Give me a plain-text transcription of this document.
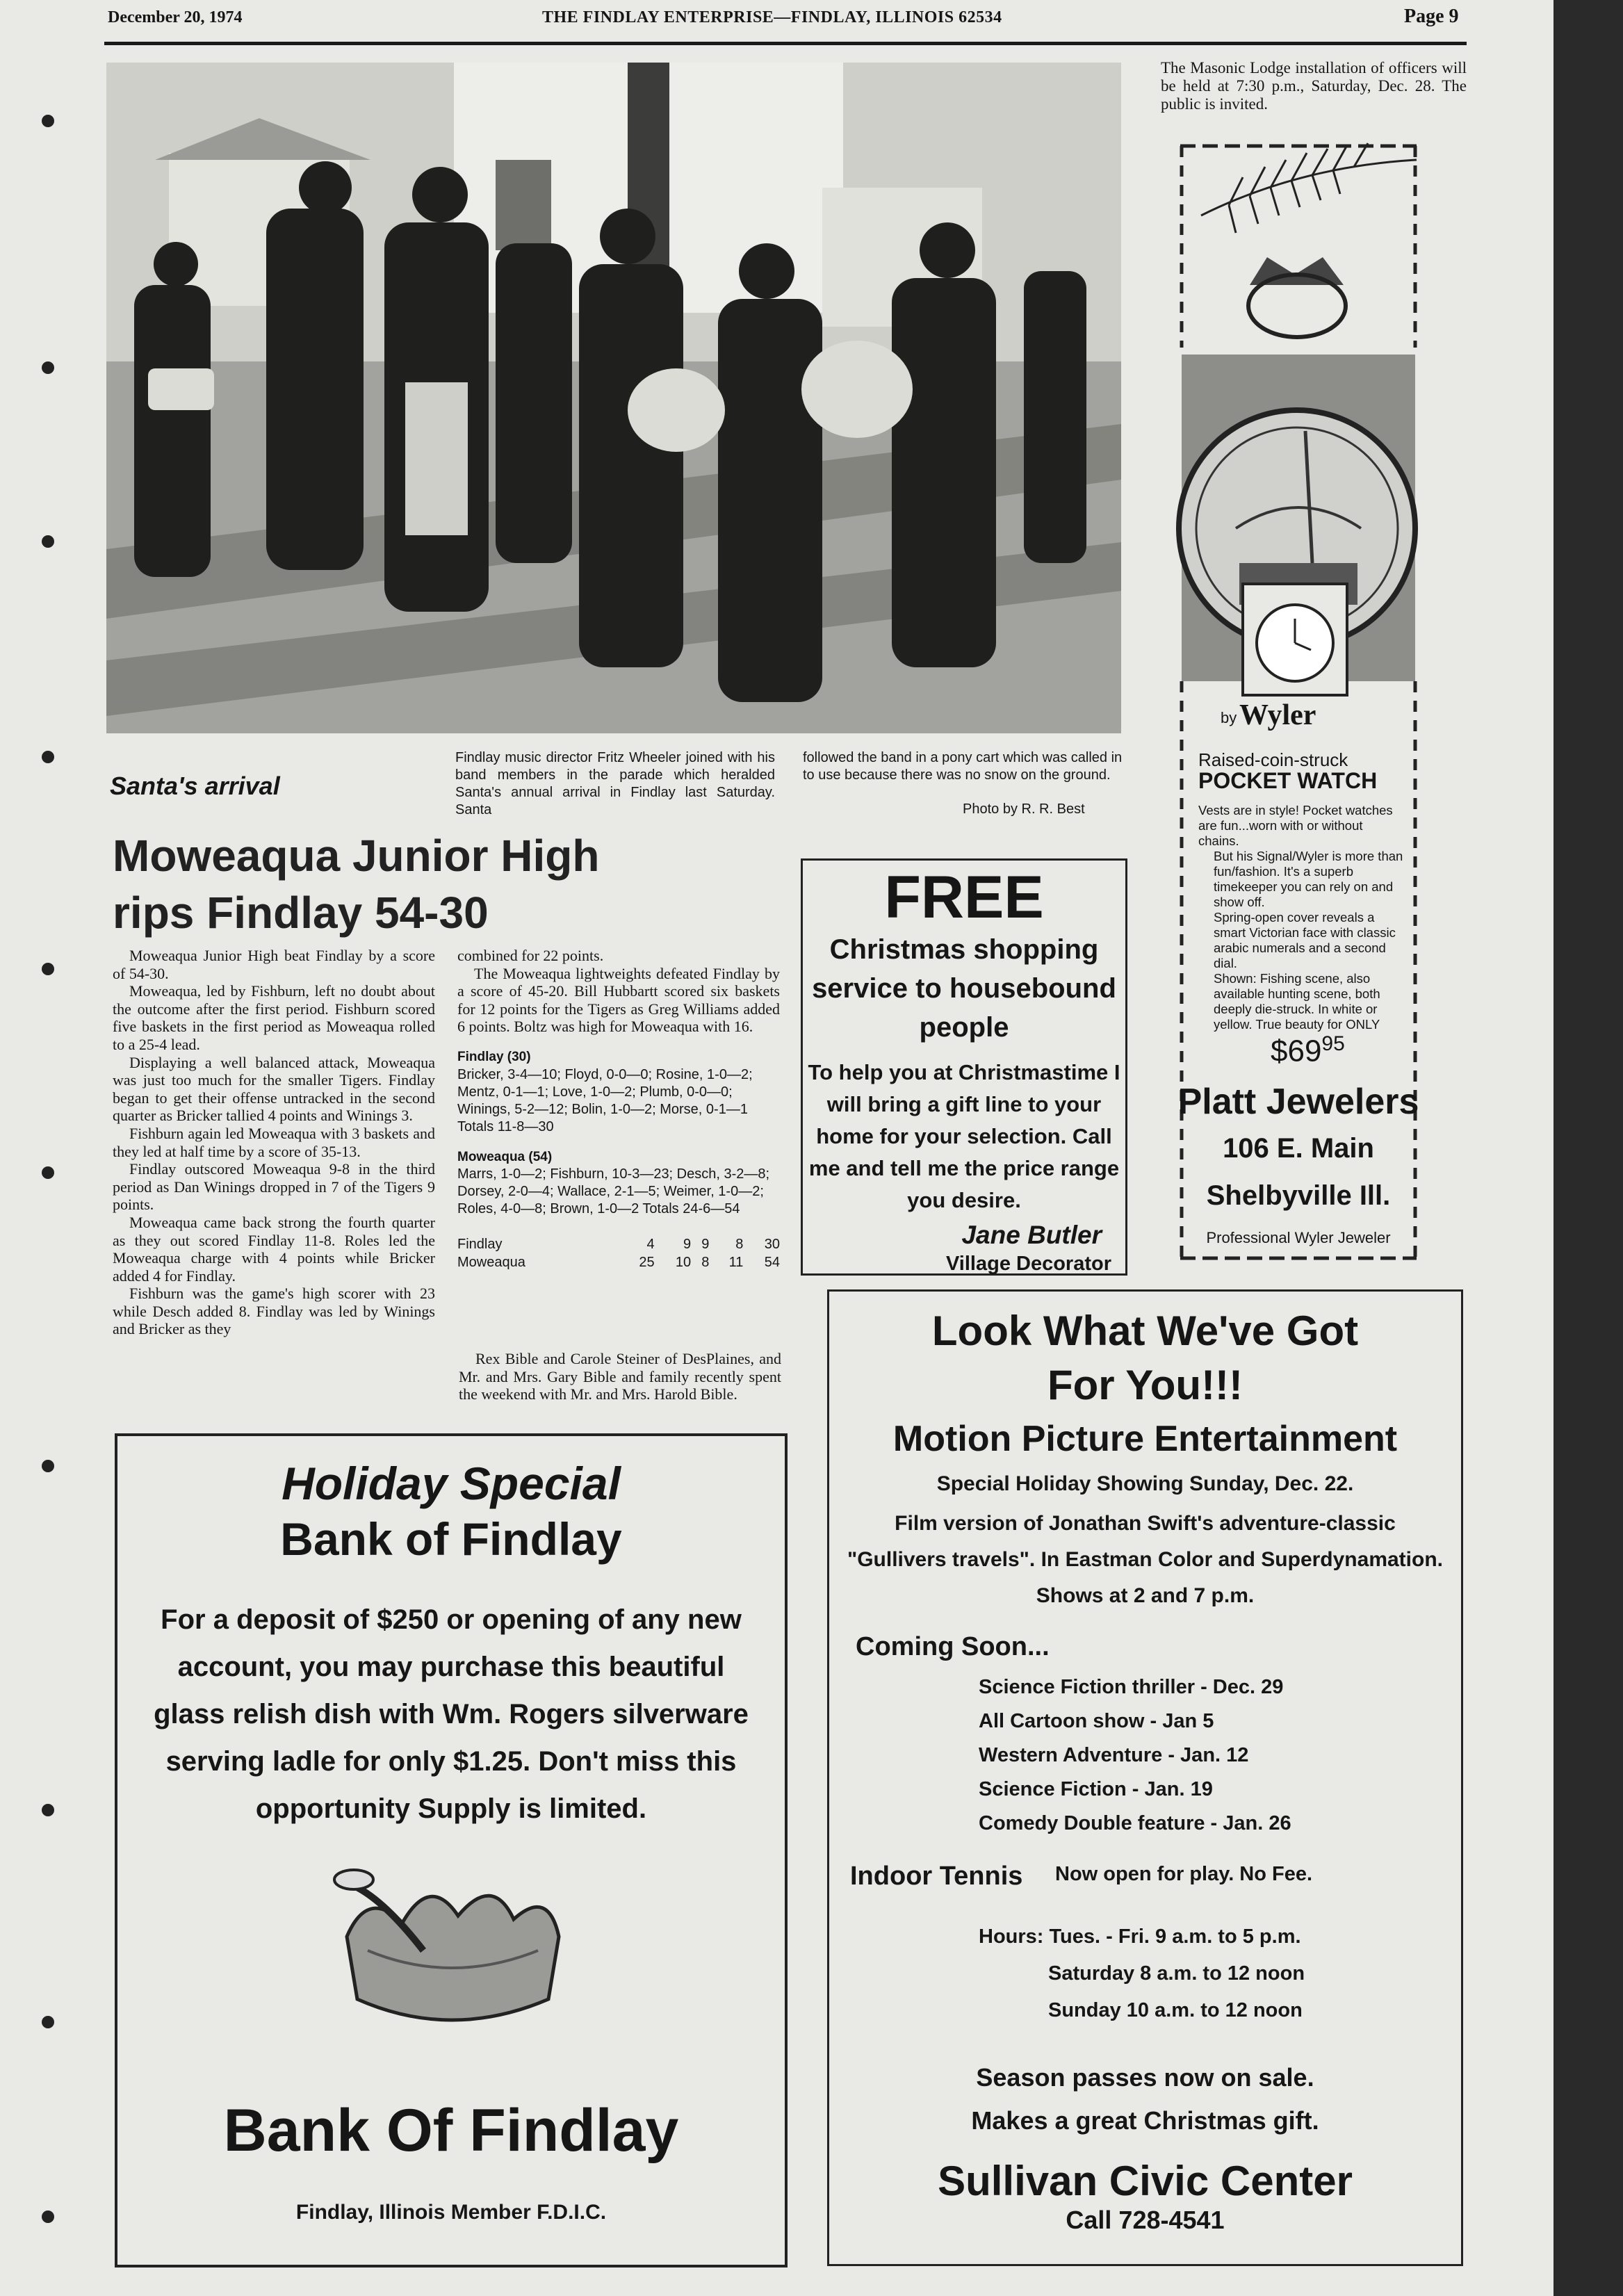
December 20, 1974	THE FINDLAY ENTERPRISE—FINDLAY, ILLINOIS 62534	Page 9
Santa's arrival
Findlay music director Fritz Wheeler joined with his band members in the parade which heralded Santa's annual arrival in Findlay last Saturday. Santa
followed the band in a pony cart which was called in to use because there was no snow on the ground.
Photo by R. R. Best
Moweaqua Junior High
rips Findlay 54-30

Moweaqua Junior High beat Findlay by a score of 54-30.

Moweaqua, led by Fishburn, left no doubt about the outcome after the first period. Fishburn scored five baskets in the first period as Moweaqua rolled to a 25-4 lead.

Displaying a well balanced attack, Moweaqua was just too much for the smaller Tigers. Findlay began to get their offense untracked in the second quarter as Bricker tallied 4 points and Winings 3.

Fishburn again led Moweaqua with 3 baskets and they led at half time by a score of 35-13.

Findlay outscored Moweaqua 9-8 in the third period as Dan Winings dropped in 7 of the Tigers 9 points.

Moweaqua came back strong the fourth quarter as they out scored Findlay 11-8. Roles led the Moweaqua charge with 4 points while Bricker added 4 for Findlay.

Fishburn was the game's high scorer with 23 while Desch added 8. Findlay was led by Winings and Bricker as they

combined for 22 points.

The Moweaqua lightweights defeated Findlay by a score of 45-20. Bill Hubbartt scored six baskets for 12 points for the Tigers as Greg Williams added 6 points. Boltz was high for Moweaqua with 16.

Findlay (30)
Bricker, 3-4—10; Floyd, 0-0—0; Rosine, 1-0—2; Mentz, 0-1—1; Love, 1-0—2; Plumb, 0-0—0; Winings, 5-2—12; Bolin, 1-0—2; Morse, 0-1—1 Totals 11-8—30
Moweaqua (54)
Marrs, 1-0—2; Fishburn, 10-3—23; Desch, 3-2—8; Dorsey, 2-0—4; Wallace, 2-1—5; Weimer, 1-0—2; Roles, 4-0—8; Brown, 1-0—2 Totals 24-6—54
Findlay	4	9	9	8	30
Moweaqua	25	10	8	11	54
Rex Bible and Carole Steiner of DesPlaines, and Mr. and Mrs. Gary Bible and family recently spent the weekend with Mr. and Mrs. Harold Bible.
The Masonic Lodge installation of officers will be held at 7:30 p.m., Saturday, Dec. 28. The public is invited.
by Wyler
Raised-coin-struck
POCKET WATCH

Vests are in style! Pocket watches are fun...worn with or without chains.

But his Signal/Wyler is more than fun/fashion. It's a superb timekeeper you can rely on and show off.

Spring-open cover reveals a smart Victorian face with classic arabic numerals and a second dial.

Shown: Fishing scene, also available hunting scene, both deeply die-struck. In white or yellow. True beauty for ONLY

$\$69^{95}$
Platt Jewelers
106 E. Main
Shelbyville Ill.
Professional Wyler Jeweler
FREE
Christmas shopping service to housebound people
To help you at Christmastime I will bring a gift line to your home for your selection. Call me and tell me the price range you desire.
Jane Butler
Village Decorator
Holiday Special
Bank of Findlay
For a deposit of $250 or opening of any new account, you may purchase this beautiful glass relish dish with Wm. Rogers silverware serving ladle for only $1.25. Don't miss this opportunity Supply is limited.
Bank Of Findlay
Findlay, Illinois Member F.D.I.C.
Look What We've Got
For You!!!
Motion Picture Entertainment
Special Holiday Showing Sunday, Dec. 22.
Film version of Jonathan Swift's adventure-classic "Gullivers travels". In Eastman Color and Superdynamation. Shows at 2 and 7 p.m.
Coming Soon...
Science Fiction thriller - Dec. 29
All Cartoon show - Jan 5
Western Adventure - Jan. 12
Science Fiction - Jan. 19
Comedy Double feature - Jan. 26
Indoor Tennis Now open for play. No Fee.
Hours: Tues. - Fri. 9 a.m. to 5 p.m.
Saturday 8 a.m. to 12 noon
Sunday 10 a.m. to 12 noon
Season passes now on sale.
Makes a great Christmas gift.
Sullivan Civic Center
Call 728-4541
